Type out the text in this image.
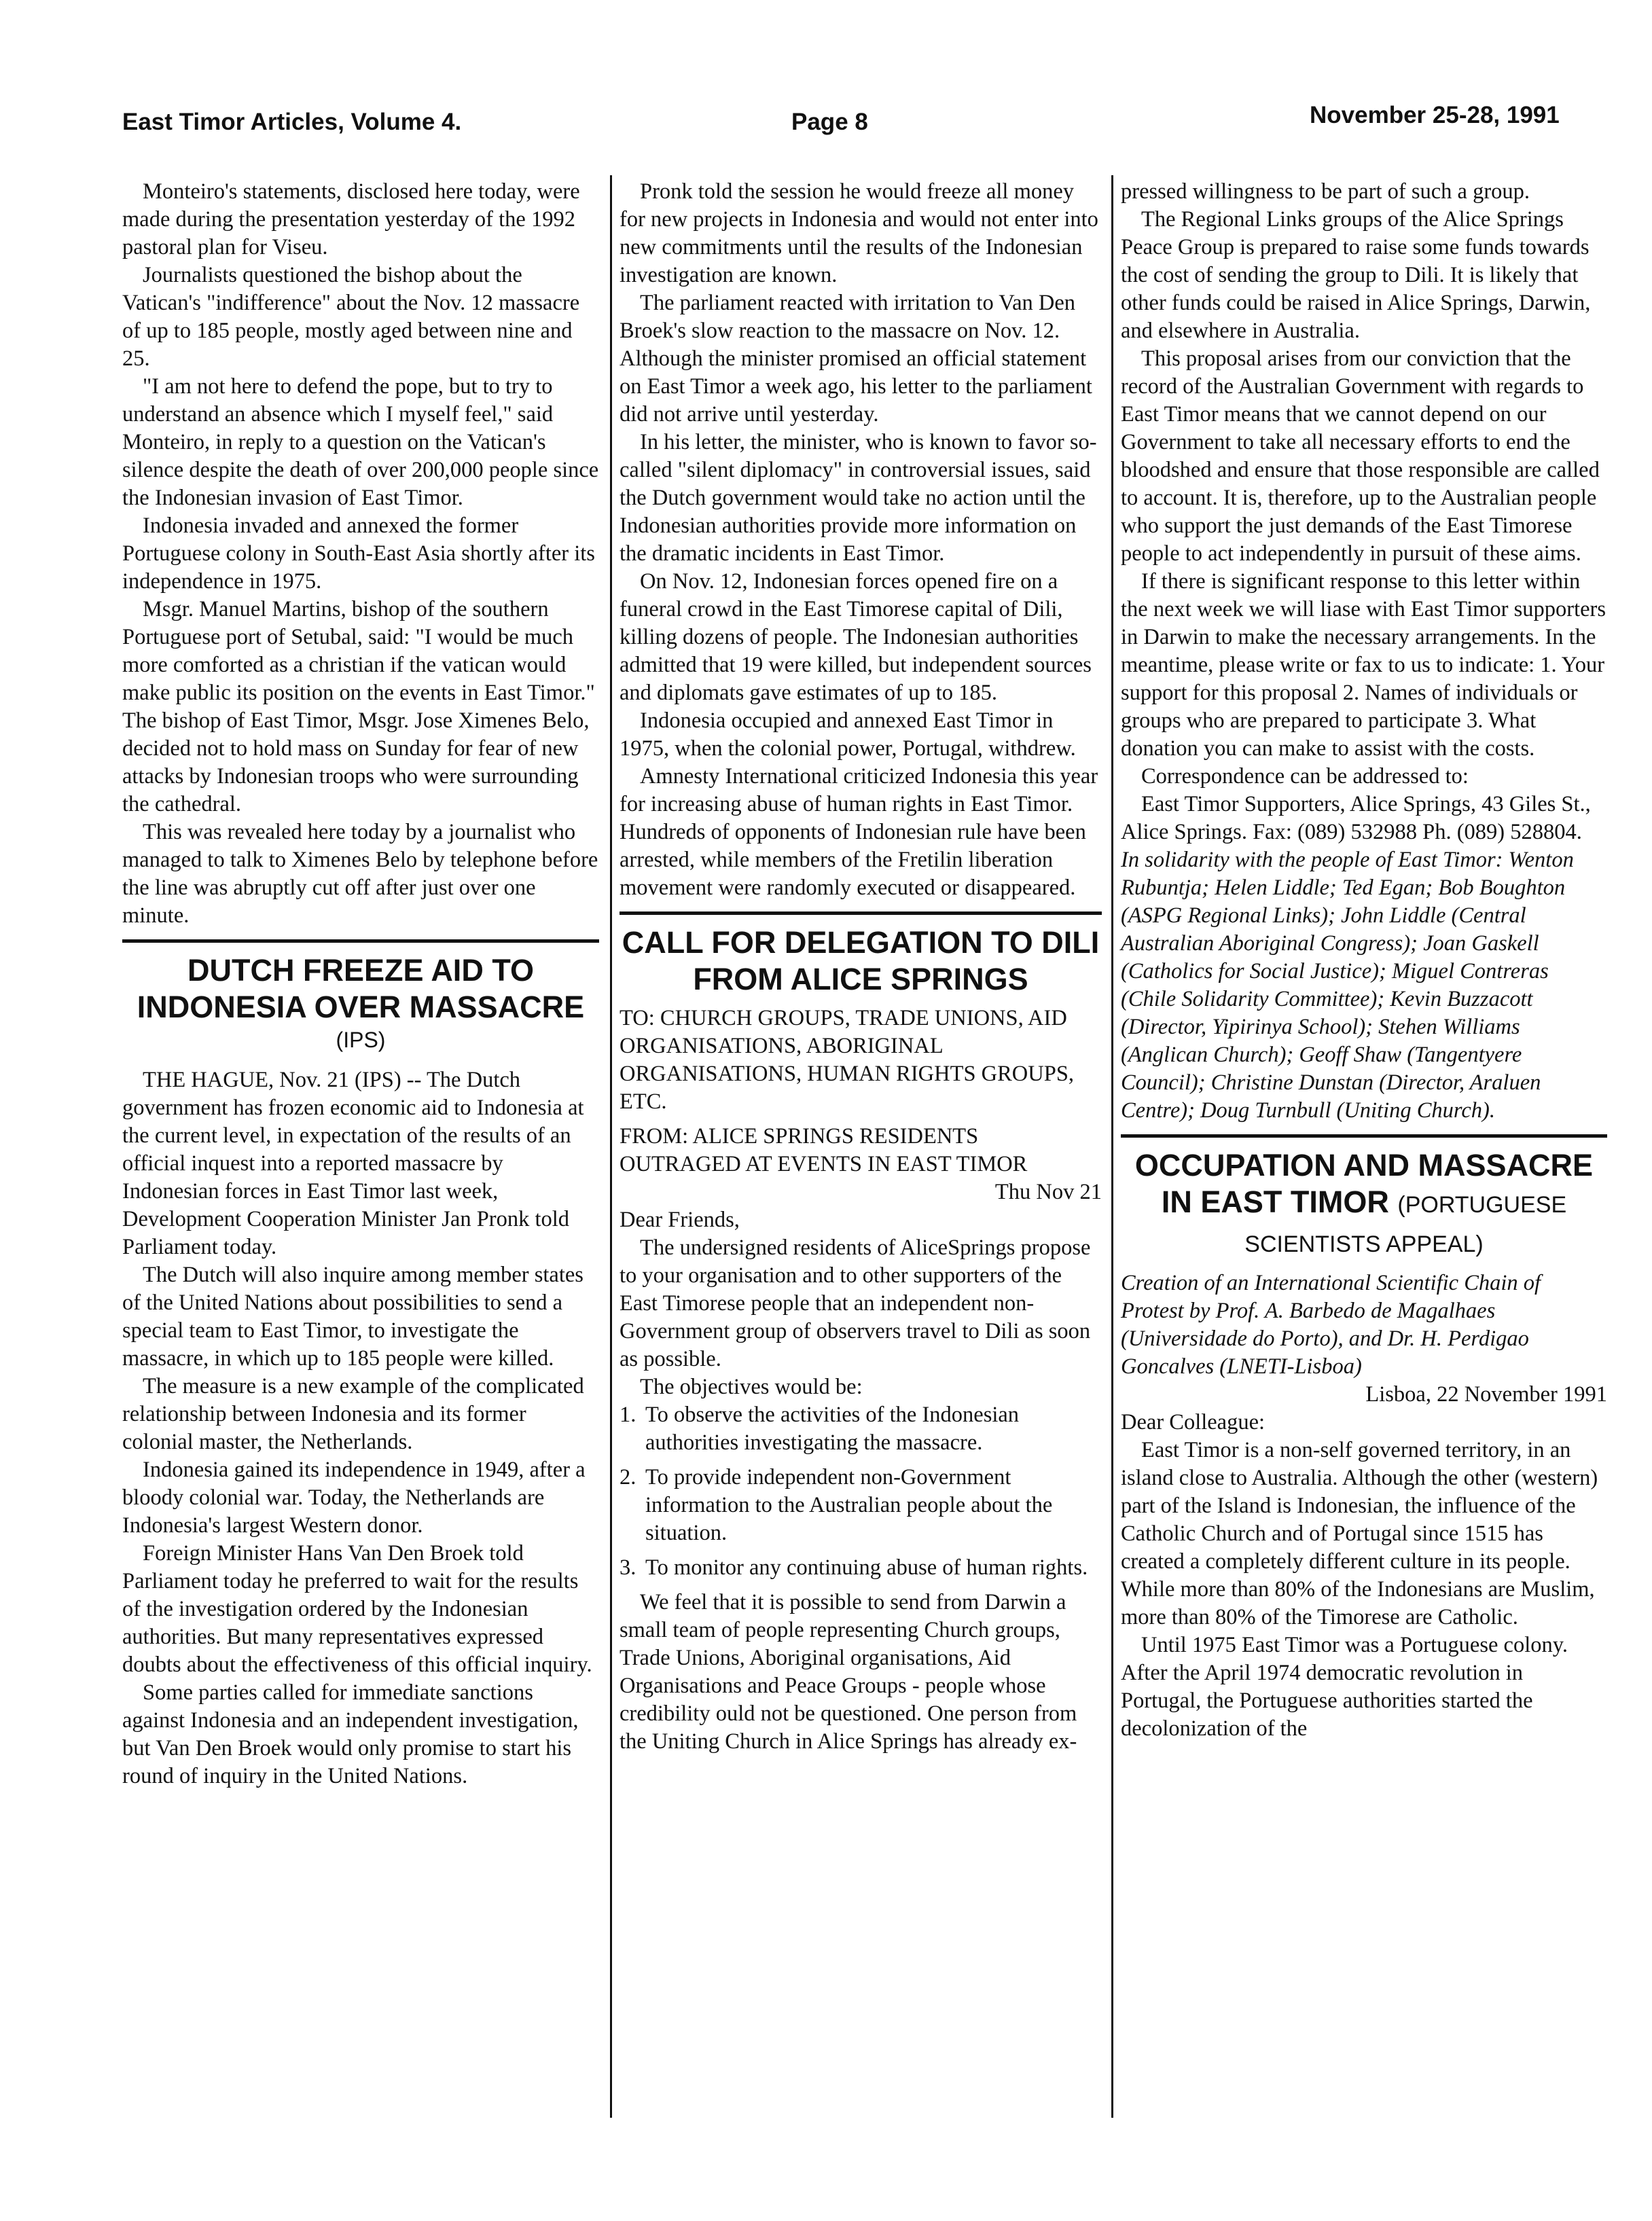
East Timor Articles, Volume 4.	Page 8	November 25-28, 1991

Monteiro's statements, disclosed here today, were made during the presentation yesterday of the 1992 pastoral plan for Viseu.

Journalists questioned the bishop about the Vatican's "indifference" about the Nov. 12 massacre of up to 185 people, mostly aged between nine and 25.

"I am not here to defend the pope, but to try to understand an absence which I myself feel," said Monteiro, in reply to a question on the Vatican's silence despite the death of over 200,000 people since the Indonesian invasion of East Timor.

Indonesia invaded and annexed the former Portuguese colony in South-East Asia shortly after its independence in 1975.

Msgr. Manuel Martins, bishop of the southern Portuguese port of Setubal, said: "I would be much more comforted as a christian if the vatican would make public its position on the events in East Timor." The bishop of East Timor, Msgr. Jose Ximenes Belo, decided not to hold mass on Sunday for fear of new attacks by Indonesian troops who were surrounding the cathedral.

This was revealed here today by a journalist who managed to talk to Ximenes Belo by telephone before the line was abruptly cut off after just over one minute.

DUTCH FREEZE AID TO INDONESIA OVER MASSACRE
(IPS)

THE HAGUE, Nov. 21 (IPS) -- The Dutch government has frozen economic aid to Indonesia at the current level, in expectation of the results of an official inquest into a reported massacre by Indonesian forces in East Timor last week, Development Cooperation Minister Jan Pronk told Parliament today.

The Dutch will also inquire among member states of the United Nations about possibilities to send a special team to East Timor, to investigate the massacre, in which up to 185 people were killed.

The measure is a new example of the complicated relationship between Indonesia and its former colonial master, the Netherlands.

Indonesia gained its independence in 1949, after a bloody colonial war. Today, the Netherlands are Indonesia's largest Western donor.

Foreign Minister Hans Van Den Broek told Parliament today he preferred to wait for the results of the investigation ordered by the Indonesian authorities. But many representatives expressed doubts about the effectiveness of this official inquiry.

Some parties called for immediate sanctions against Indonesia and an independent investigation, but Van Den Broek would only promise to start his round of inquiry in the United Nations.

Pronk told the session he would freeze all money for new projects in Indonesia and would not enter into new commitments until the results of the Indonesian investigation are known.

The parliament reacted with irritation to Van Den Broek's slow reaction to the massacre on Nov. 12. Although the minister promised an official statement on East Timor a week ago, his letter to the parliament did not arrive until yesterday.

In his letter, the minister, who is known to favor so-called "silent diplomacy" in controversial issues, said the Dutch government would take no action until the Indonesian authorities provide more information on the dramatic incidents in East Timor.

On Nov. 12, Indonesian forces opened fire on a funeral crowd in the East Timorese capital of Dili, killing dozens of people. The Indonesian authorities admitted that 19 were killed, but independent sources and diplomats gave estimates of up to 185.

Indonesia occupied and annexed East Timor in 1975, when the colonial power, Portugal, withdrew.

Amnesty International criticized Indonesia this year for increasing abuse of human rights in East Timor. Hundreds of opponents of Indonesian rule have been arrested, while members of the Fretilin liberation movement were randomly executed or disappeared.

CALL FOR DELEGATION TO DILI FROM ALICE SPRINGS

TO: CHURCH GROUPS, TRADE UNIONS, AID ORGANISATIONS, ABORIGINAL ORGANISATIONS, HUMAN RIGHTS GROUPS, ETC.

FROM: ALICE SPRINGS RESIDENTS OUTRAGED AT EVENTS IN EAST TIMOR

Thu Nov 21

Dear Friends,

The undersigned residents of AliceSprings propose to your organisation and to other supporters of the East Timorese people that an independent non-Government group of observers travel to Dili as soon as possible.

The objectives would be:

1. To observe the activities of the Indonesian authorities investigating the massacre.
2. To provide independent non-Government information to the Australian people about the situation.
3. To monitor any continuing abuse of human rights.

We feel that it is possible to send from Darwin a small team of people representing Church groups, Trade Unions, Aboriginal organisations, Aid Organisations and Peace Groups - people whose credibility ould not be questioned. One person from the Uniting Church in Alice Springs has already ex-

pressed willingness to be part of such a group.

The Regional Links groups of the Alice Springs Peace Group is prepared to raise some funds towards the cost of sending the group to Dili. It is likely that other funds could be raised in Alice Springs, Darwin, and elsewhere in Australia.

This proposal arises from our conviction that the record of the Australian Government with regards to East Timor means that we cannot depend on our Government to take all necessary efforts to end the bloodshed and ensure that those responsible are called to account. It is, therefore, up to the Australian people who support the just demands of the East Timorese people to act independently in pursuit of these aims.

If there is significant response to this letter within the next week we will liase with East Timor supporters in Darwin to make the necessary arrangements. In the meantime, please write or fax to us to indicate: 1. Your support for this proposal 2. Names of individuals or groups who are prepared to participate 3. What donation you can make to assist with the costs.

Correspondence can be addressed to:

East Timor Supporters, Alice Springs, 43 Giles St., Alice Springs. Fax: (089) 532988 Ph. (089) 528804.

In solidarity with the people of East Timor: Wenton Rubuntja; Helen Liddle; Ted Egan; Bob Boughton (ASPG Regional Links); John Liddle (Central Australian Aboriginal Congress); Joan Gaskell (Catholics for Social Justice); Miguel Contreras (Chile Solidarity Committee); Kevin Buzzacott (Director, Yipirinya School); Stehen Williams (Anglican Church); Geoff Shaw (Tangentyere Council); Christine Dunstan (Director, Araluen Centre); Doug Turnbull (Uniting Church).

OCCUPATION AND MASSACRE IN EAST TIMOR (PORTUGUESE SCIENTISTS APPEAL)

Creation of an International Scientific Chain of Protest by Prof. A. Barbedo de Magalhaes (Universidade do Porto), and Dr. H. Perdigao Goncalves (LNETI-Lisboa)

Lisboa, 22 November 1991

Dear Colleague:

East Timor is a non-self governed territory, in an island close to Australia. Although the other (western) part of the Island is Indonesian, the influence of the Catholic Church and of Portugal since 1515 has created a completely different culture in its people. While more than 80% of the Indonesians are Muslim, more than 80% of the Timorese are Catholic.

Until 1975 East Timor was a Portuguese colony. After the April 1974 democratic revolution in Portugal, the Portuguese authorities started the decolonization of the
